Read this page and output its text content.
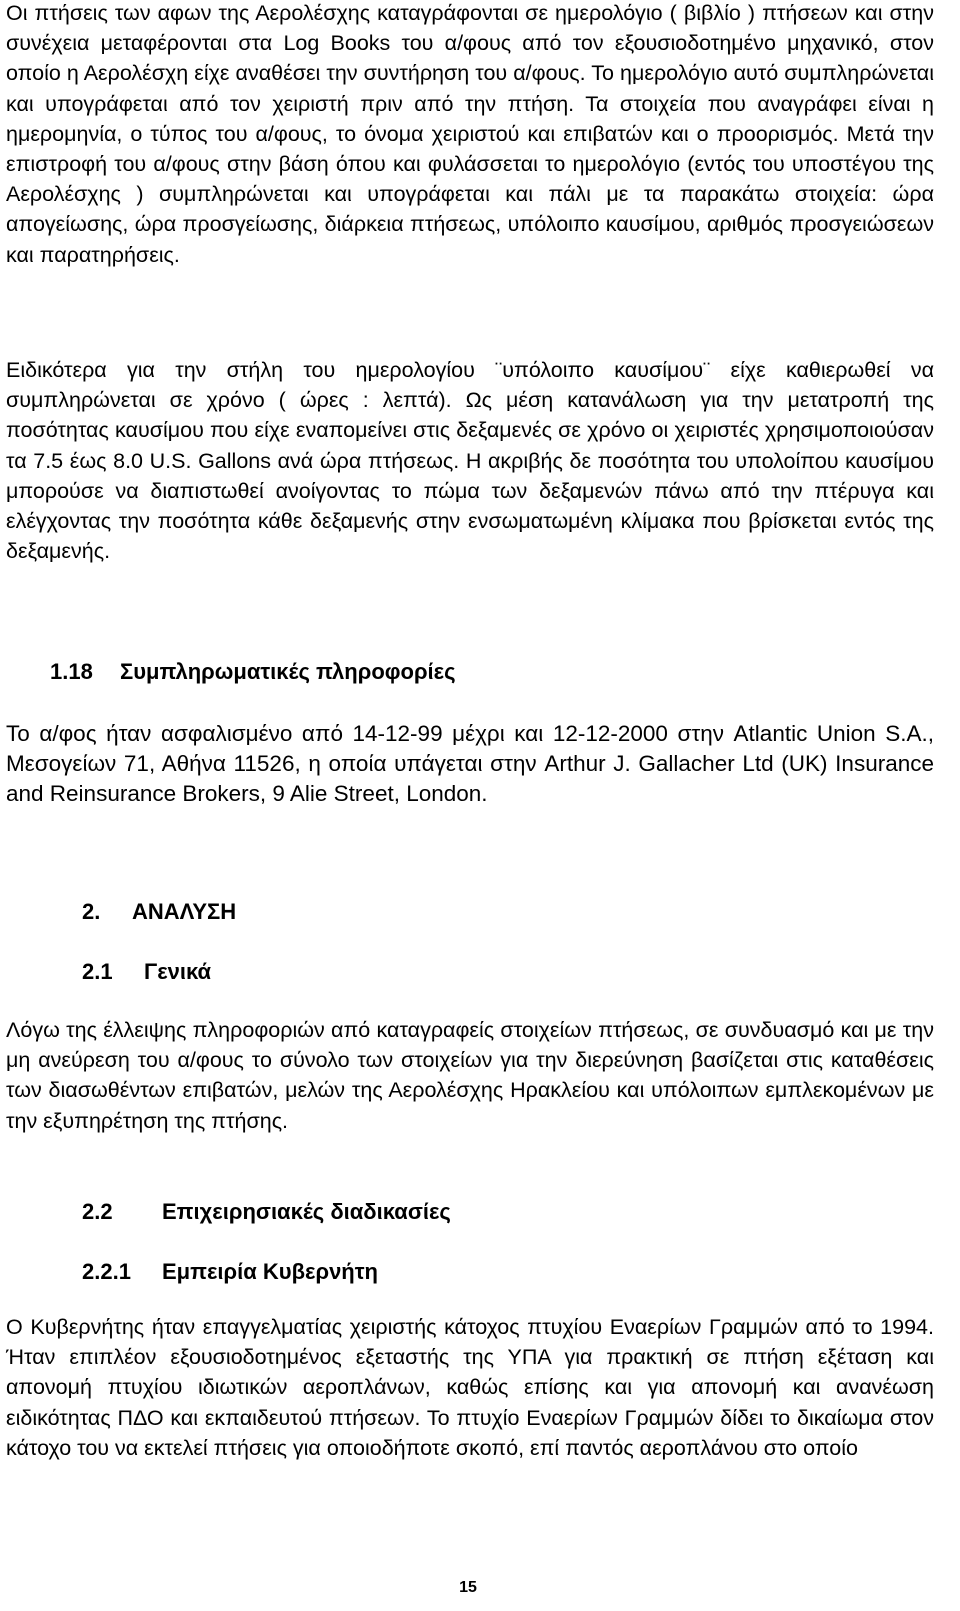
Οι πτήσεις των αφων της Αερολέσχης καταγράφονται σε ημερολόγιο ( βιβλίο ) πτήσεων και στην συνέχεια μεταφέρονται στα Log Books του α/φους από τον εξουσιοδοτημένο μηχανικό, στον οποίο η Αερολέσχη είχε αναθέσει την συντήρηση του α/φους. Το ημερολόγιο αυτό συμπληρώνεται και υπογράφεται από τον χειριστή πριν από την πτήση. Τα στοιχεία που αναγράφει είναι η ημερομηνία, ο τύπος του α/φους, το όνομα χειριστού και επιβατών και ο προορισμός. Μετά την επιστροφή του α/φους στην βάση όπου και φυλάσσεται το ημερολόγιο (εντός του υποστέγου της Αερολέσχης ) συμπληρώνεται και υπογράφεται και πάλι με τα παρακάτω στοιχεία: ώρα απογείωσης, ώρα προσγείωσης, διάρκεια πτήσεως, υπόλοιπο καυσίμου, αριθμός προσγειώσεων και παρατηρήσεις.

Ειδικότερα για την στήλη του ημερολογίου ¨υπόλοιπο καυσίμου¨ είχε καθιερωθεί να συμπληρώνεται σε χρόνο ( ώρες : λεπτά). Ως μέση κατανάλωση για την μετατροπή της ποσότητας καυσίμου που είχε εναπομείνει στις δεξαμενές σε χρόνο οι χειριστές χρησιμοποιούσαν τα 7.5 έως 8.0 U.S. Gallons ανά ώρα πτήσεως. Η ακριβής δε ποσότητα του υπολοίπου καυσίμου μπορούσε να διαπιστωθεί ανοίγοντας το πώμα των δεξαμενών πάνω από την πτέρυγα και ελέγχοντας την ποσότητα κάθε δεξαμενής στην ενσωματωμένη κλίμακα που βρίσκεται εντός της δεξαμενής.

1.18 Συμπληρωματικές πληροφορίες

Το α/φος ήταν ασφαλισμένο από 14-12-99 μέχρι και 12-12-2000 στην Atlantic Union S.A., Μεσογείων 71, Αθήνα 11526, η οποία υπάγεται στην Arthur J. Gallacher Ltd (UK) Insurance and Reinsurance Brokers, 9 Alie Street, London.

2. ΑΝΑΛΥΣΗ
2.1 Γενικά

Λόγω της έλλειψης πληροφοριών από καταγραφείς στοιχείων πτήσεως, σε συνδυασμό και με την μη ανεύρεση του α/φους το σύνολο των στοιχείων για την διερεύνηση βασίζεται στις καταθέσεις των διασωθέντων επιβατών, μελών της Αερολέσχης Ηρακλείου και υπόλοιπων εμπλεκομένων με την εξυπηρέτηση της πτήσης.

2.2 Επιχειρησιακές διαδικασίες
2.2.1 Εμπειρία Κυβερνήτη

Ο Κυβερνήτης ήταν επαγγελματίας χειριστής κάτοχος πτυχίου Εναερίων Γραμμών από το 1994. Ήταν επιπλέον εξουσιοδοτημένος εξεταστής της ΥΠΑ για πρακτική σε πτήση εξέταση και απονομή πτυχίου ιδιωτικών αεροπλάνων, καθώς επίσης και για απονομή και ανανέωση ειδικότητας ΠΔΟ και εκπαιδευτού πτήσεων. Το πτυχίο Εναερίων Γραμμών δίδει το δικαίωμα στον κάτοχο του να εκτελεί πτήσεις για οποιοδήποτε σκοπό, επί παντός αεροπλάνου στο οποίο

15
